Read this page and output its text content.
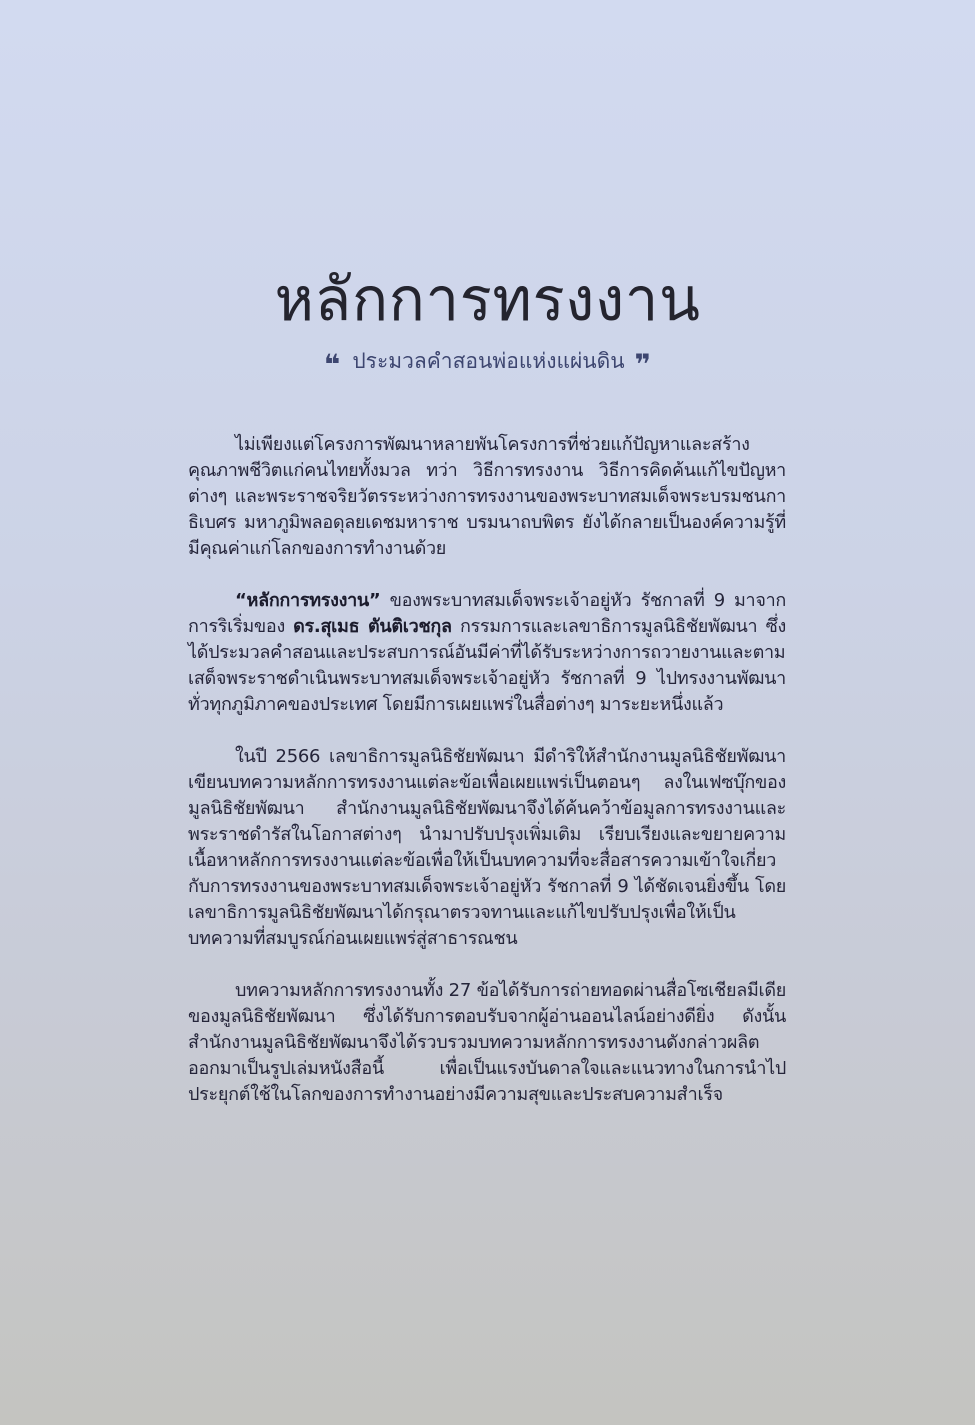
หลักการทรงงาน
❝ ประมวลคำสอนพ่อแห่งแผ่นดิน ❞

ไม่เพียงแต่โครงการพัฒนาหลายพันโครงการที่ช่วยแก้ปัญหาและสร้างคุณภาพชีวิตแก่คนไทยทั้งมวล ทว่า วิธีการทรงงาน วิธีการคิดค้นแก้ไขปัญหาต่างๆ และพระราชจริยวัตรระหว่างการทรงงานของพระบาทสมเด็จพระบรมชนกาธิเบศร มหาภูมิพลอดุลยเดชมหาราช บรมนาถบพิตร ยังได้กลายเป็นองค์ความรู้ที่มีคุณค่าแก่โลกของการทำงานด้วย

“หลักการทรงงาน” ของพระบาทสมเด็จพระเจ้าอยู่หัว รัชกาลที่ 9 มาจากการริเริ่มของ ดร.สุเมธ ตันติเวชกุล กรรมการและเลขาธิการมูลนิธิชัยพัฒนา ซึ่งได้ประมวลคำสอนและประสบการณ์อันมีค่าที่ได้รับระหว่างการถวายงานและตามเสด็จพระราชดำเนินพระบาทสมเด็จพระเจ้าอยู่หัว รัชกาลที่ 9 ไปทรงงานพัฒนาทั่วทุกภูมิภาคของประเทศ โดยมีการเผยแพร่ในสื่อต่างๆ มาระยะหนึ่งแล้ว

ในปี 2566 เลขาธิการมูลนิธิชัยพัฒนา มีดำริให้สำนักงานมูลนิธิชัยพัฒนาเขียนบทความหลักการทรงงานแต่ละข้อเพื่อเผยแพร่เป็นตอนๆ ลงในเฟซบุ๊กของมูลนิธิชัยพัฒนา สำนักงานมูลนิธิชัยพัฒนาจึงได้ค้นคว้าข้อมูลการทรงงานและพระราชดำรัสในโอกาสต่างๆ นำมาปรับปรุงเพิ่มเติม เรียบเรียงและขยายความเนื้อหาหลักการทรงงานแต่ละข้อเพื่อให้เป็นบทความที่จะสื่อสารความเข้าใจเกี่ยวกับการทรงงานของพระบาทสมเด็จพระเจ้าอยู่หัว รัชกาลที่ 9 ได้ชัดเจนยิ่งขึ้น โดยเลขาธิการมูลนิธิชัยพัฒนาได้กรุณาตรวจทานและแก้ไขปรับปรุงเพื่อให้เป็นบทความที่สมบูรณ์ก่อนเผยแพร่สู่สาธารณชน

บทความหลักการทรงงานทั้ง 27 ข้อได้รับการถ่ายทอดผ่านสื่อโซเชียลมีเดียของมูลนิธิชัยพัฒนา ซึ่งได้รับการตอบรับจากผู้อ่านออนไลน์อย่างดียิ่ง ดังนั้น สำนักงานมูลนิธิชัยพัฒนาจึงได้รวบรวมบทความหลักการทรงงานดังกล่าวผลิตออกมาเป็นรูปเล่มหนังสือนี้ เพื่อเป็นแรงบันดาลใจและแนวทางในการนำไปประยุกต์ใช้ในโลกของการทำงานอย่างมีความสุขและประสบความสำเร็จ
